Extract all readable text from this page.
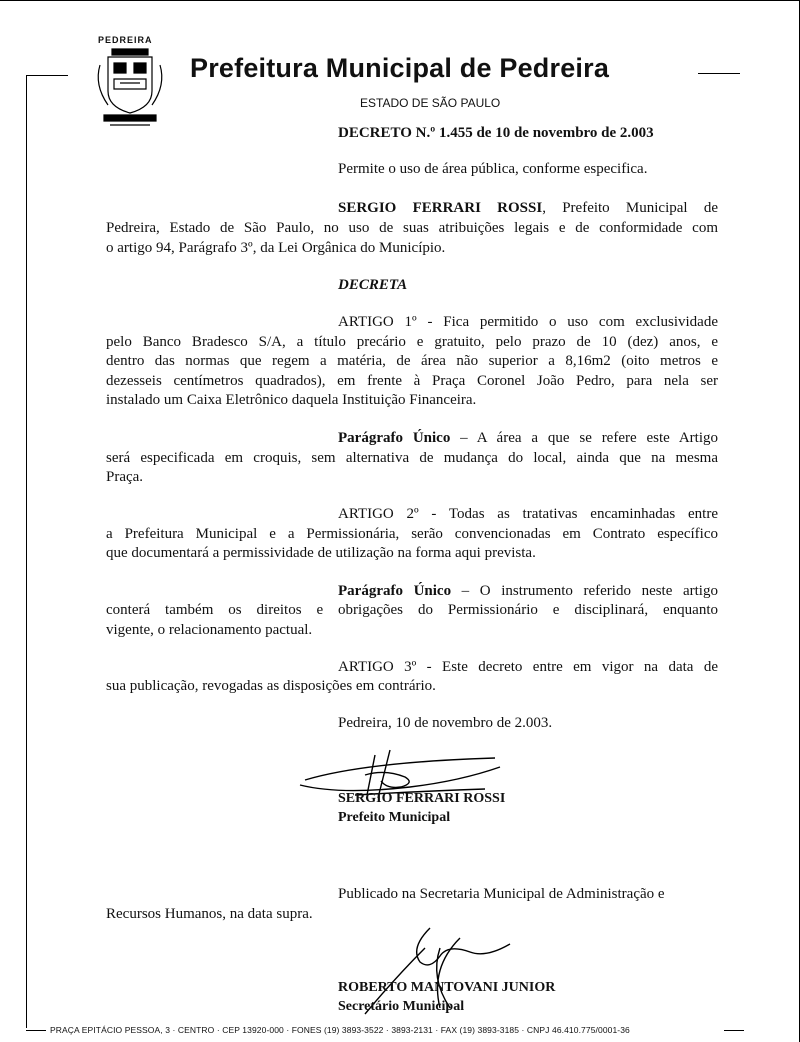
PEDREIRA
Prefeitura Municipal de Pedreira
ESTADO DE SÃO PAULO
DECRETO N.º 1.455 de 10 de novembro de 2.003
Permite o uso de área pública, conforme especifica.
SERGIO FERRARI ROSSI, Prefeito Municipal de
Pedreira, Estado de São Paulo, no uso de suas atribuições legais e de conformidade com
o artigo 94, Parágrafo 3º, da Lei Orgânica do Município.
DECRETA
ARTIGO 1º - Fica permitido o uso com exclusividade
pelo Banco Bradesco S/A, a título precário e gratuito, pelo prazo de 10 (dez) anos, e
dentro das normas que regem a matéria, de área não superior a 8,16m2 (oito metros e
dezesseis centímetros quadrados), em frente à Praça Coronel João Pedro, para nela ser
instalado um Caixa Eletrônico daquela Instituição Financeira.
Parágrafo Único – A área a que se refere este Artigo
será especificada em croquis, sem alternativa de mudança do local, ainda que na mesma
Praça.
ARTIGO 2º - Todas as tratativas encaminhadas entre
a Prefeitura Municipal e a Permissionária, serão convencionadas em Contrato específico
que documentará a permissividade de utilização na forma aqui prevista.
Parágrafo Único – O instrumento referido neste artigo
conterá também os direitos e obrigações do Permissionário e disciplinará, enquanto
vigente, o relacionamento pactual.
ARTIGO 3º - Este decreto entre em vigor na data de
sua publicação, revogadas as disposições em contrário.
Pedreira, 10 de novembro de 2.003.
SERGIO FERRARI ROSSI
Prefeito Municipal
Publicado na Secretaria Municipal de Administração e
Recursos Humanos, na data supra.
ROBERTO MANTOVANI JUNIOR
Secretário Municipal
PRAÇA EPITÁCIO PESSOA, 3 · CENTRO · CEP 13920-000 · FONES (19) 3893-3522 · 3893-2131 · FAX (19) 3893-3185 · CNPJ 46.410.775/0001-36
